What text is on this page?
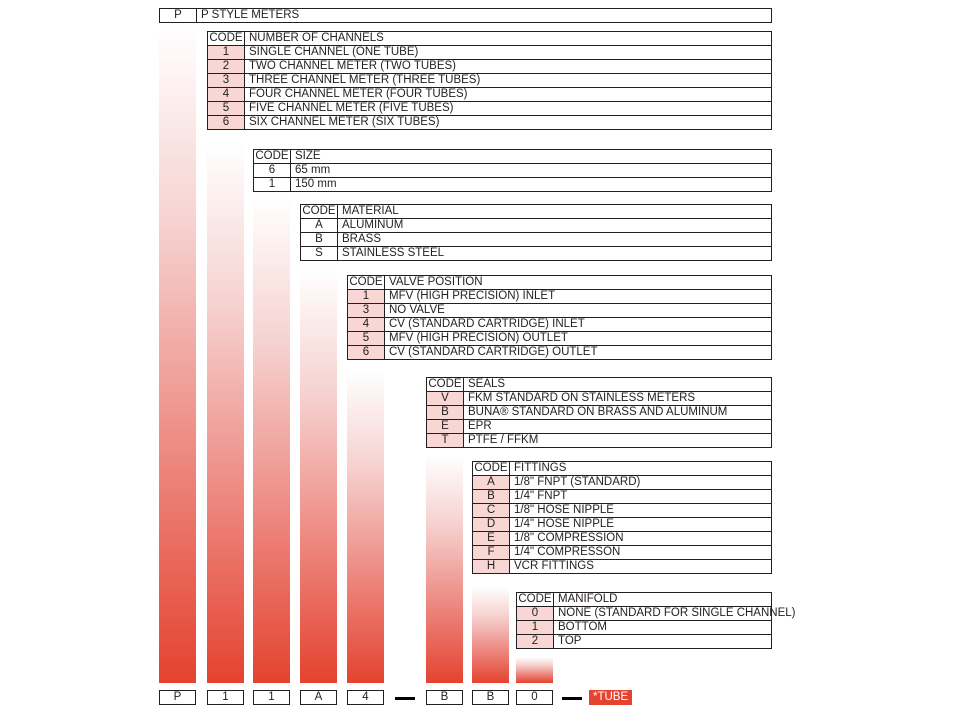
P	P STYLE METERS
CODE	NUMBER OF CHANNELS
1	SINGLE CHANNEL (ONE TUBE)
2	TWO CHANNEL METER (TWO TUBES)
3	THREE CHANNEL METER (THREE TUBES)
4	FOUR CHANNEL METER (FOUR TUBES)
5	FIVE CHANNEL METER (FIVE TUBES)
6	SIX CHANNEL METER (SIX TUBES)
CODE	SIZE
6	65 mm
1	150 mm
CODE	MATERIAL
A	ALUMINUM
B	BRASS
S	STAINLESS STEEL
CODE	VALVE POSITION
1	MFV (HIGH PRECISION) INLET
3	NO VALVE
4	CV (STANDARD CARTRIDGE) INLET
5	MFV (HIGH PRECISION) OUTLET
6	CV (STANDARD CARTRIDGE) OUTLET
CODE	SEALS
V	FKM STANDARD ON STAINLESS METERS
B	BUNA® STANDARD ON BRASS AND ALUMINUM
E	EPR
T	PTFE / FFKM
CODE	FITTINGS
A	1/8" FNPT (STANDARD)
B	1/4" FNPT
C	1/8" HOSE NIPPLE
D	1/4" HOSE NIPPLE
E	1/8" COMPRESSION
F	1/4" COMPRESSON
H	VCR FITTINGS
CODE	MANIFOLD
0	NONE (STANDARD FOR SINGLE CHANNEL)
1	BOTTOM
2	TOP
P	1	1	A	4	B	B	0	*TUBE
